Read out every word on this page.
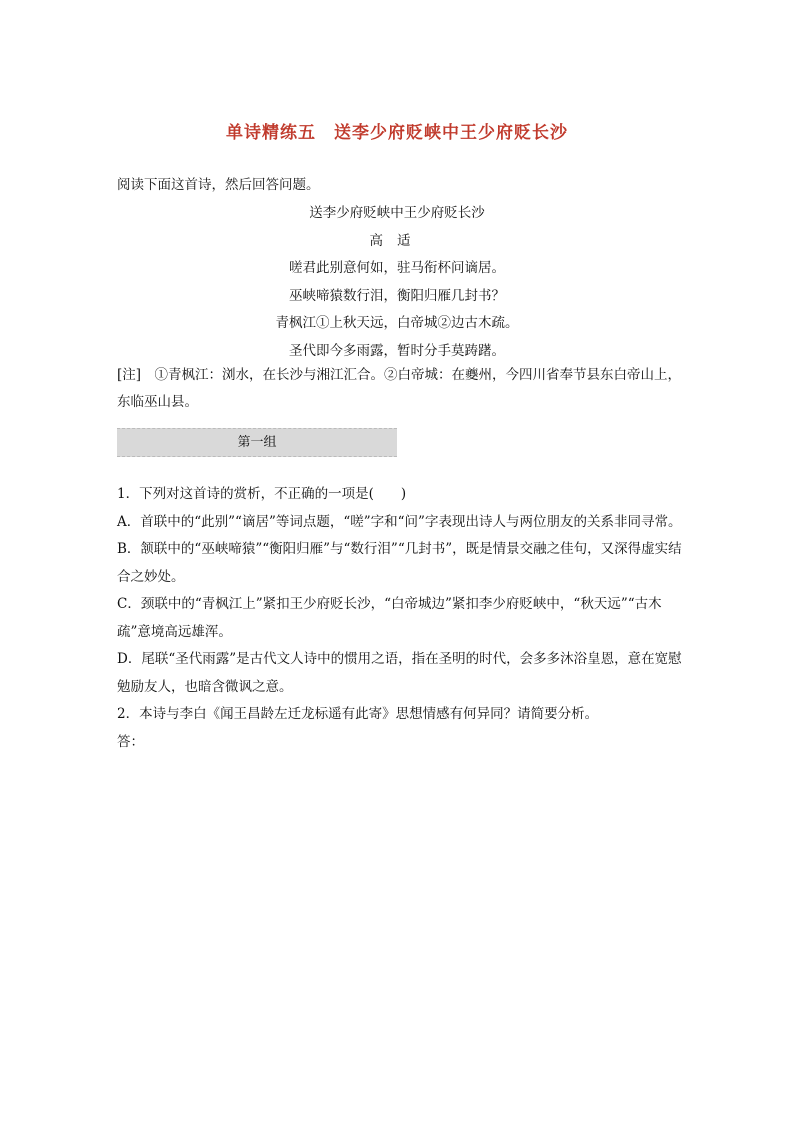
单诗精练五　送李少府贬峡中王少府贬长沙
阅读下面这首诗，然后回答问题。
送李少府贬峡中王少府贬长沙
高适
嗟君此别意何如，驻马衔杯问谪居。
巫峡啼猿数行泪，衡阳归雁几封书？
青枫江①上秋天远，白帝城②边古木疏。
圣代即今多雨露，暂时分手莫踌躇。
[注]　①青枫江：浏水，在长沙与湘江汇合。②白帝城：在夔州，今四川省奉节县东白帝山上，东临巫山县。
第一组

1．下列对这首诗的赏析，不正确的一项是(　　)

A．首联中的“此别”“谪居”等词点题，“嗟”字和“问”字表现出诗人与两位朋友的关系非同寻常。

B．颔联中的“巫峡啼猿”“衡阳归雁”与“数行泪”“几封书”，既是情景交融之佳句，又深得虚实结合之妙处。

C．颈联中的“青枫江上”紧扣王少府贬长沙，“白帝城边”紧扣李少府贬峡中，“秋天远”“古木疏”意境高远雄浑。

D．尾联“圣代雨露”是古代文人诗中的惯用之语，指在圣明的时代，会多多沐浴皇恩，意在宽慰勉励友人，也暗含微讽之意。

2．本诗与李白《闻王昌龄左迁龙标遥有此寄》思想情感有何异同？请简要分析。

答：
